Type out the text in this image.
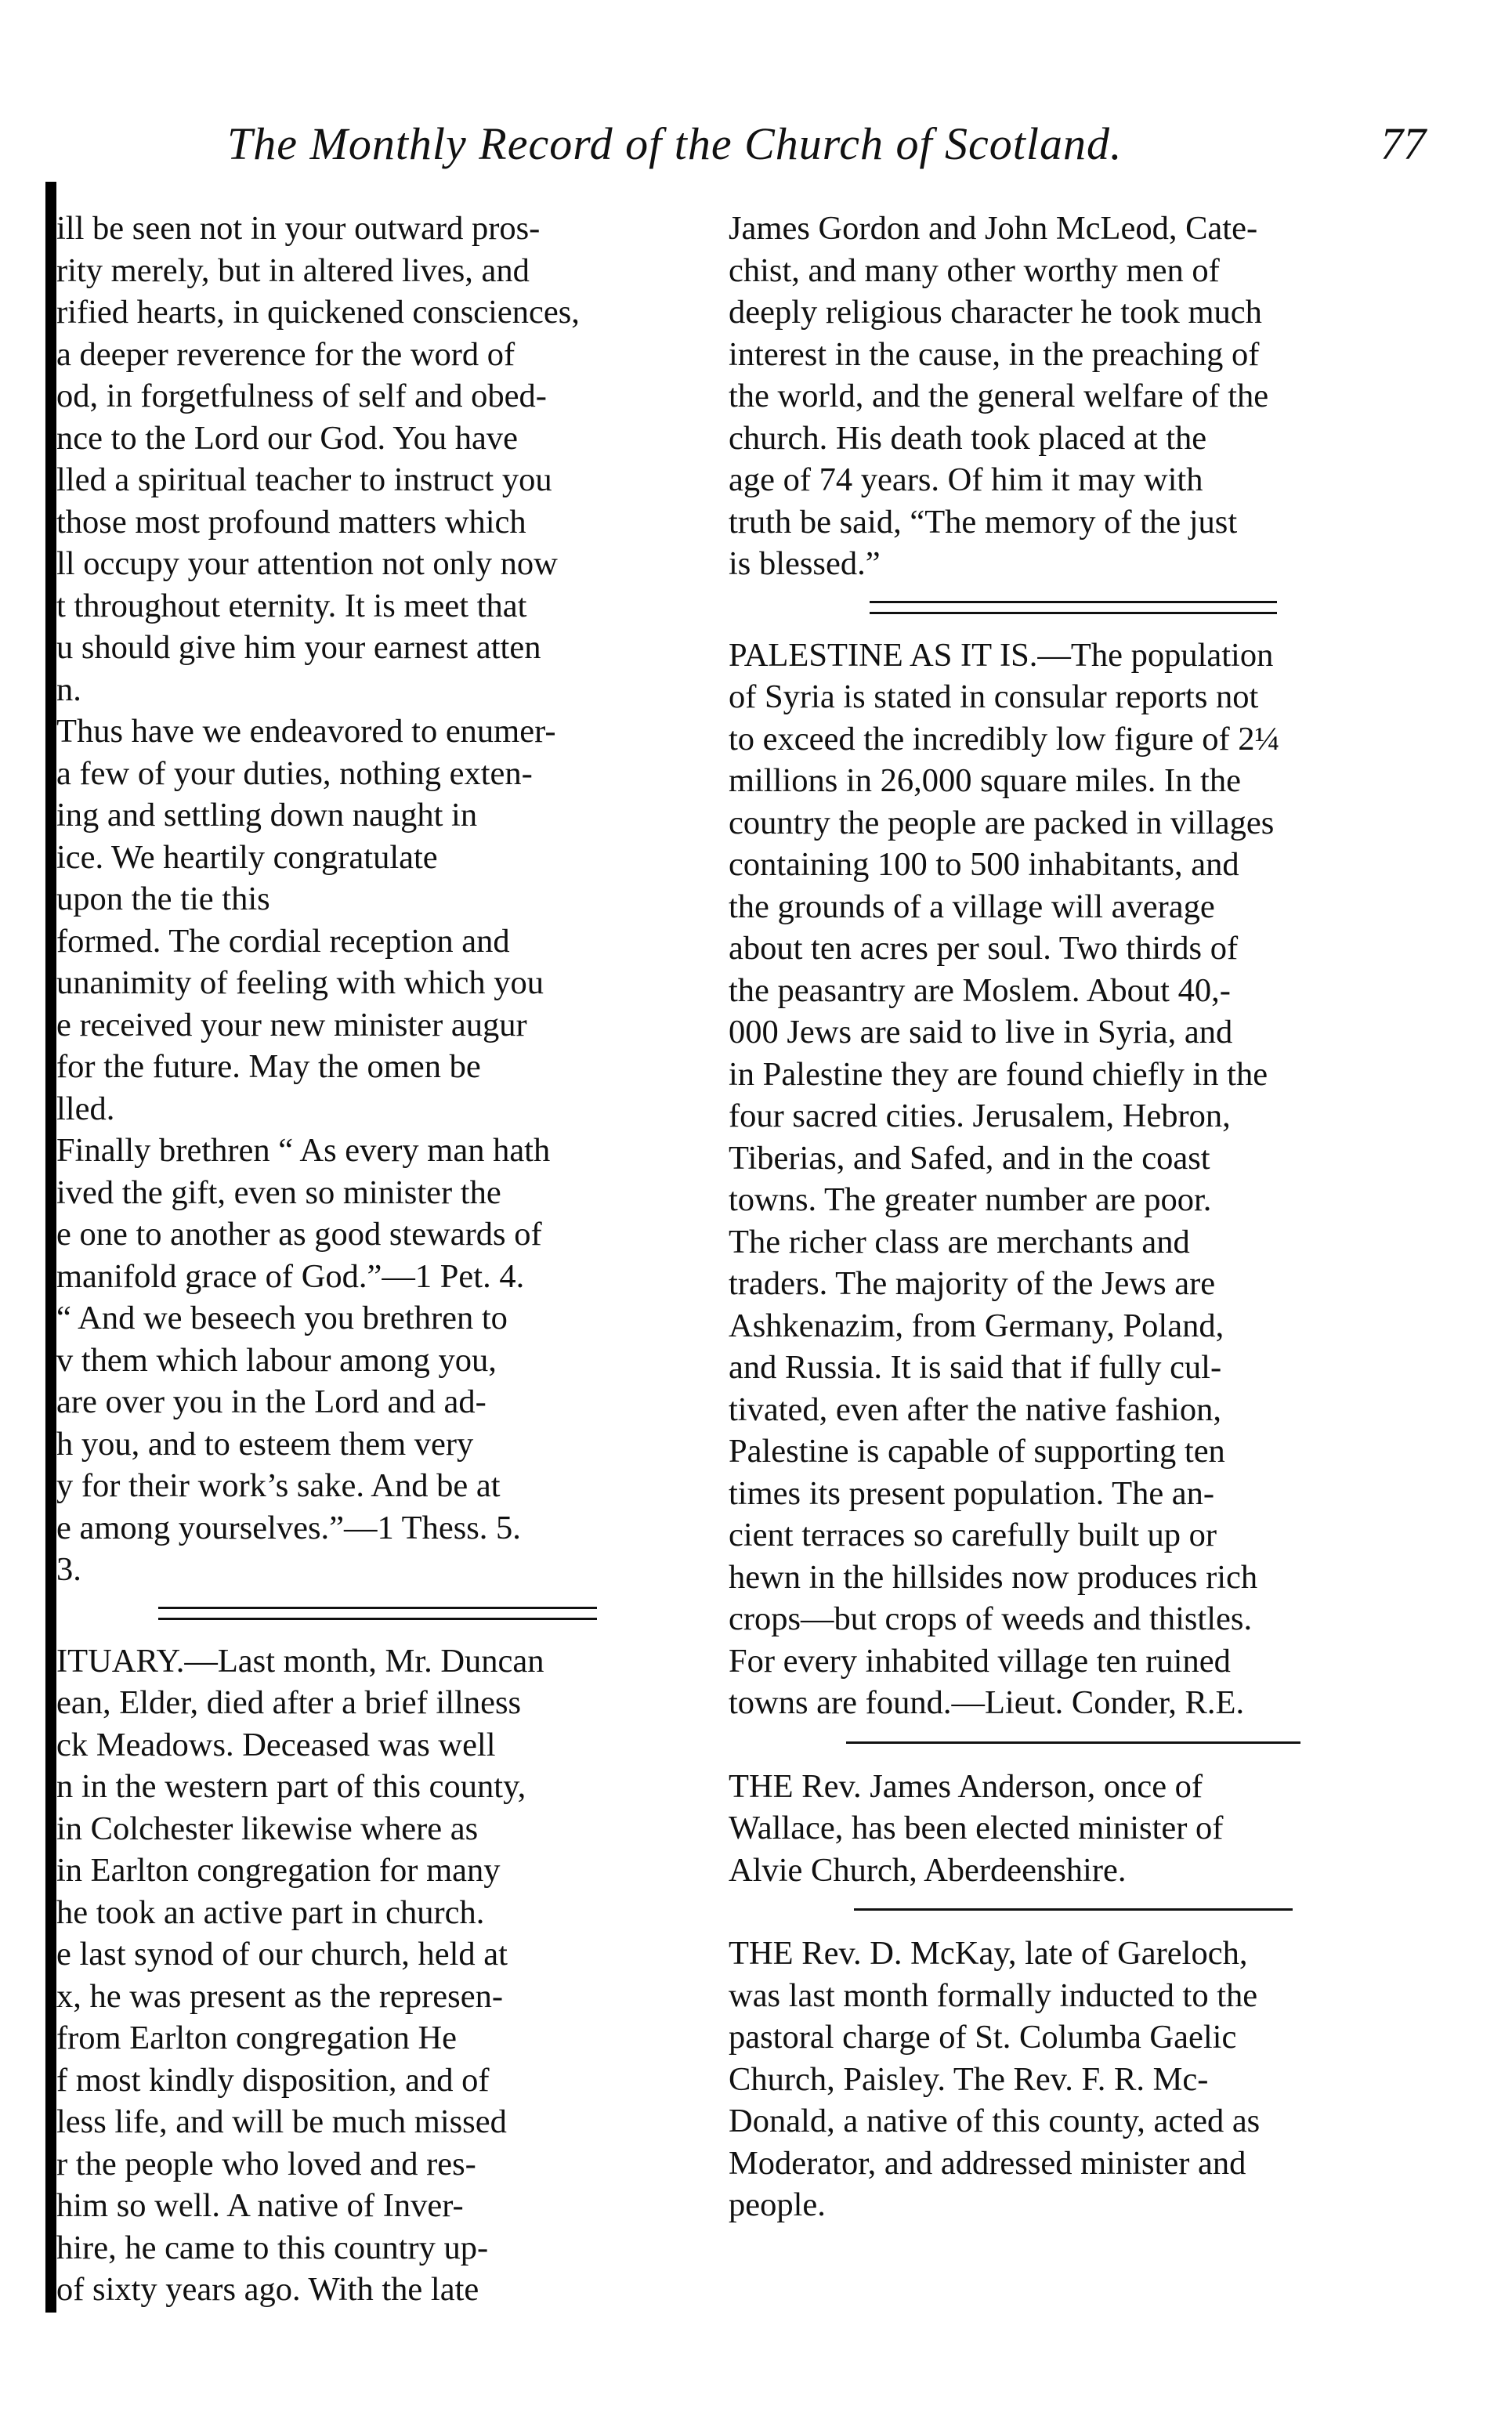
The Monthly Record of the Church of Scotland.	77
ill be seen not in your outward pros-
rity merely, but in altered lives, and
rified hearts, in quickened consciences,
a deeper reverence for the word of
od, in forgetfulness of self and obed-
nce to the Lord our God. You have
lled a spiritual teacher to instruct you
those most profound matters which
ll occupy your attention not only now
t throughout eternity. It is meet that
u should give him your earnest atten
n.
Thus have we endeavored to enumer-
a few of your duties, nothing exten-
ing and settling down naught in
ice. We heartily congratulate
upon the tie this
formed. The cordial reception and
unanimity of feeling with which you
e received your new minister augur
for the future. May the omen be
lled.
Finally brethren “ As every man hath
ived the gift, even so minister the
e one to another as good stewards of
manifold grace of God.”—1 Pet. 4.
“ And we beseech you brethren to
v them which labour among you,
are over you in the Lord and ad-
h you, and to esteem them very
y for their work’s sake. And be at
e among yourselves.”—1 Thess. 5.
3.
ITUARY.—Last month, Mr. Duncan
ean, Elder, died after a brief illness
ck Meadows. Deceased was well
n in the western part of this county,
in Colchester likewise where as
in Earlton congregation for many
he took an active part in church.
e last synod of our church, held at
x, he was present as the represen-
from Earlton congregation He
f most kindly disposition, and of
less life, and will be much missed
r the people who loved and res-
him so well. A native of Inver-
hire, he came to this country up-
of sixty years ago. With the late
James Gordon and John McLeod, Cate-
chist, and many other worthy men of
deeply religious character he took much
interest in the cause, in the preaching of
the world, and the general welfare of the
church. His death took placed at the
age of 74 years. Of him it may with
truth be said, “The memory of the just
is blessed.”
PALESTINE AS IT IS.—The population
of Syria is stated in consular reports not
to exceed the incredibly low figure of 2¼
millions in 26,000 square miles. In the
country the people are packed in villages
containing 100 to 500 inhabitants, and
the grounds of a village will average
about ten acres per soul. Two thirds of
the peasantry are Moslem. About 40,-
000 Jews are said to live in Syria, and
in Palestine they are found chiefly in the
four sacred cities. Jerusalem, Hebron,
Tiberias, and Safed, and in the coast
towns. The greater number are poor.
The richer class are merchants and
traders. The majority of the Jews are
Ashkenazim, from Germany, Poland,
and Russia. It is said that if fully cul-
tivated, even after the native fashion,
Palestine is capable of supporting ten
times its present population. The an-
cient terraces so carefully built up or
hewn in the hillsides now produces rich
crops—but crops of weeds and thistles.
For every inhabited village ten ruined
towns are found.—Lieut. Conder, R.E.
THE Rev. James Anderson, once of
Wallace, has been elected minister of
Alvie Church, Aberdeenshire.
THE Rev. D. McKay, late of Gareloch,
was last month formally inducted to the
pastoral charge of St. Columba Gaelic
Church, Paisley. The Rev. F. R. Mc-
Donald, a native of this county, acted as
Moderator, and addressed minister and
people.
